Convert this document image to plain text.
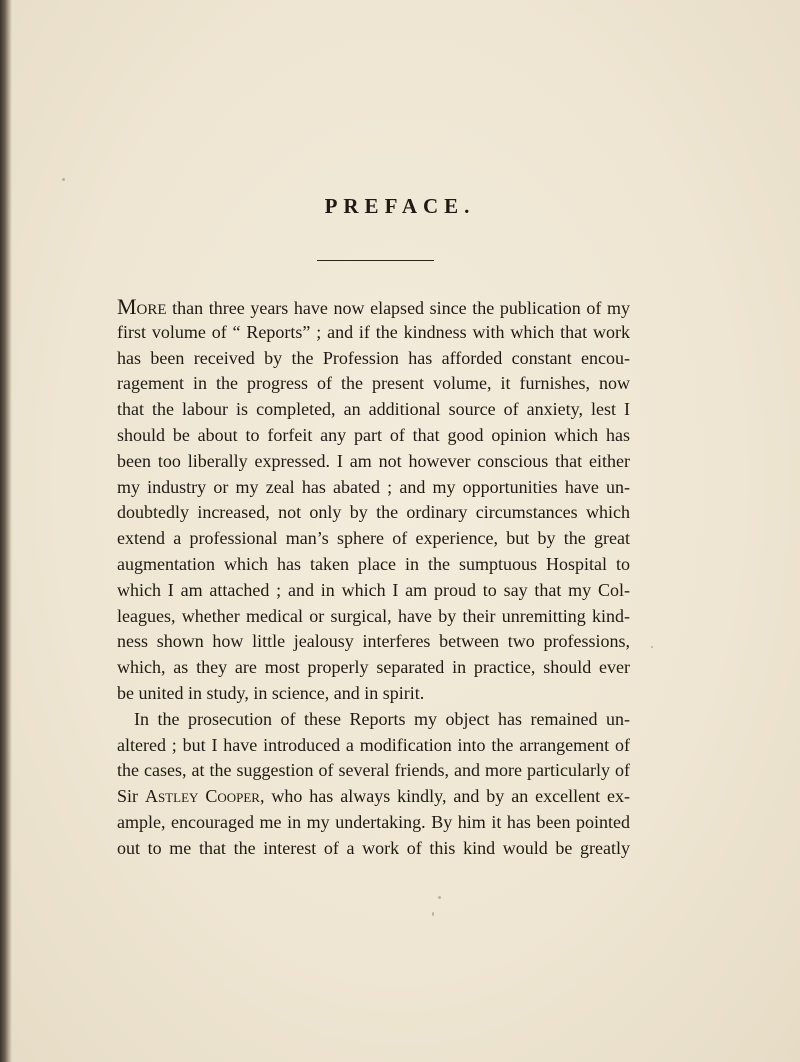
PREFACE.
More than three years have now elapsed since the publication of my
first volume of “ Reports” ; and if the kindness with which that work
has been received by the Profession has afforded constant encou-
ragement in the progress of the present volume, it furnishes, now
that the labour is completed, an additional source of anxiety, lest I
should be about to forfeit any part of that good opinion which has
been too liberally expressed. I am not however conscious that either
my industry or my zeal has abated ; and my opportunities have un-
doubtedly increased, not only by the ordinary circumstances which
extend a professional man’s sphere of experience, but by the great
augmentation which has taken place in the sumptuous Hospital to
which I am attached ; and in which I am proud to say that my Col-
leagues, whether medical or surgical, have by their unremitting kind-
ness shown how little jealousy interferes between two professions,
which, as they are most properly separated in practice, should ever
be united in study, in science, and in spirit.
In the prosecution of these Reports my object has remained un-
altered ; but I have introduced a modification into the arrangement of
the cases, at the suggestion of several friends, and more particularly of
Sir Astley Cooper, who has always kindly, and by an excellent ex-
ample, encouraged me in my undertaking. By him it has been pointed
out to me that the interest of a work of this kind would be greatly
